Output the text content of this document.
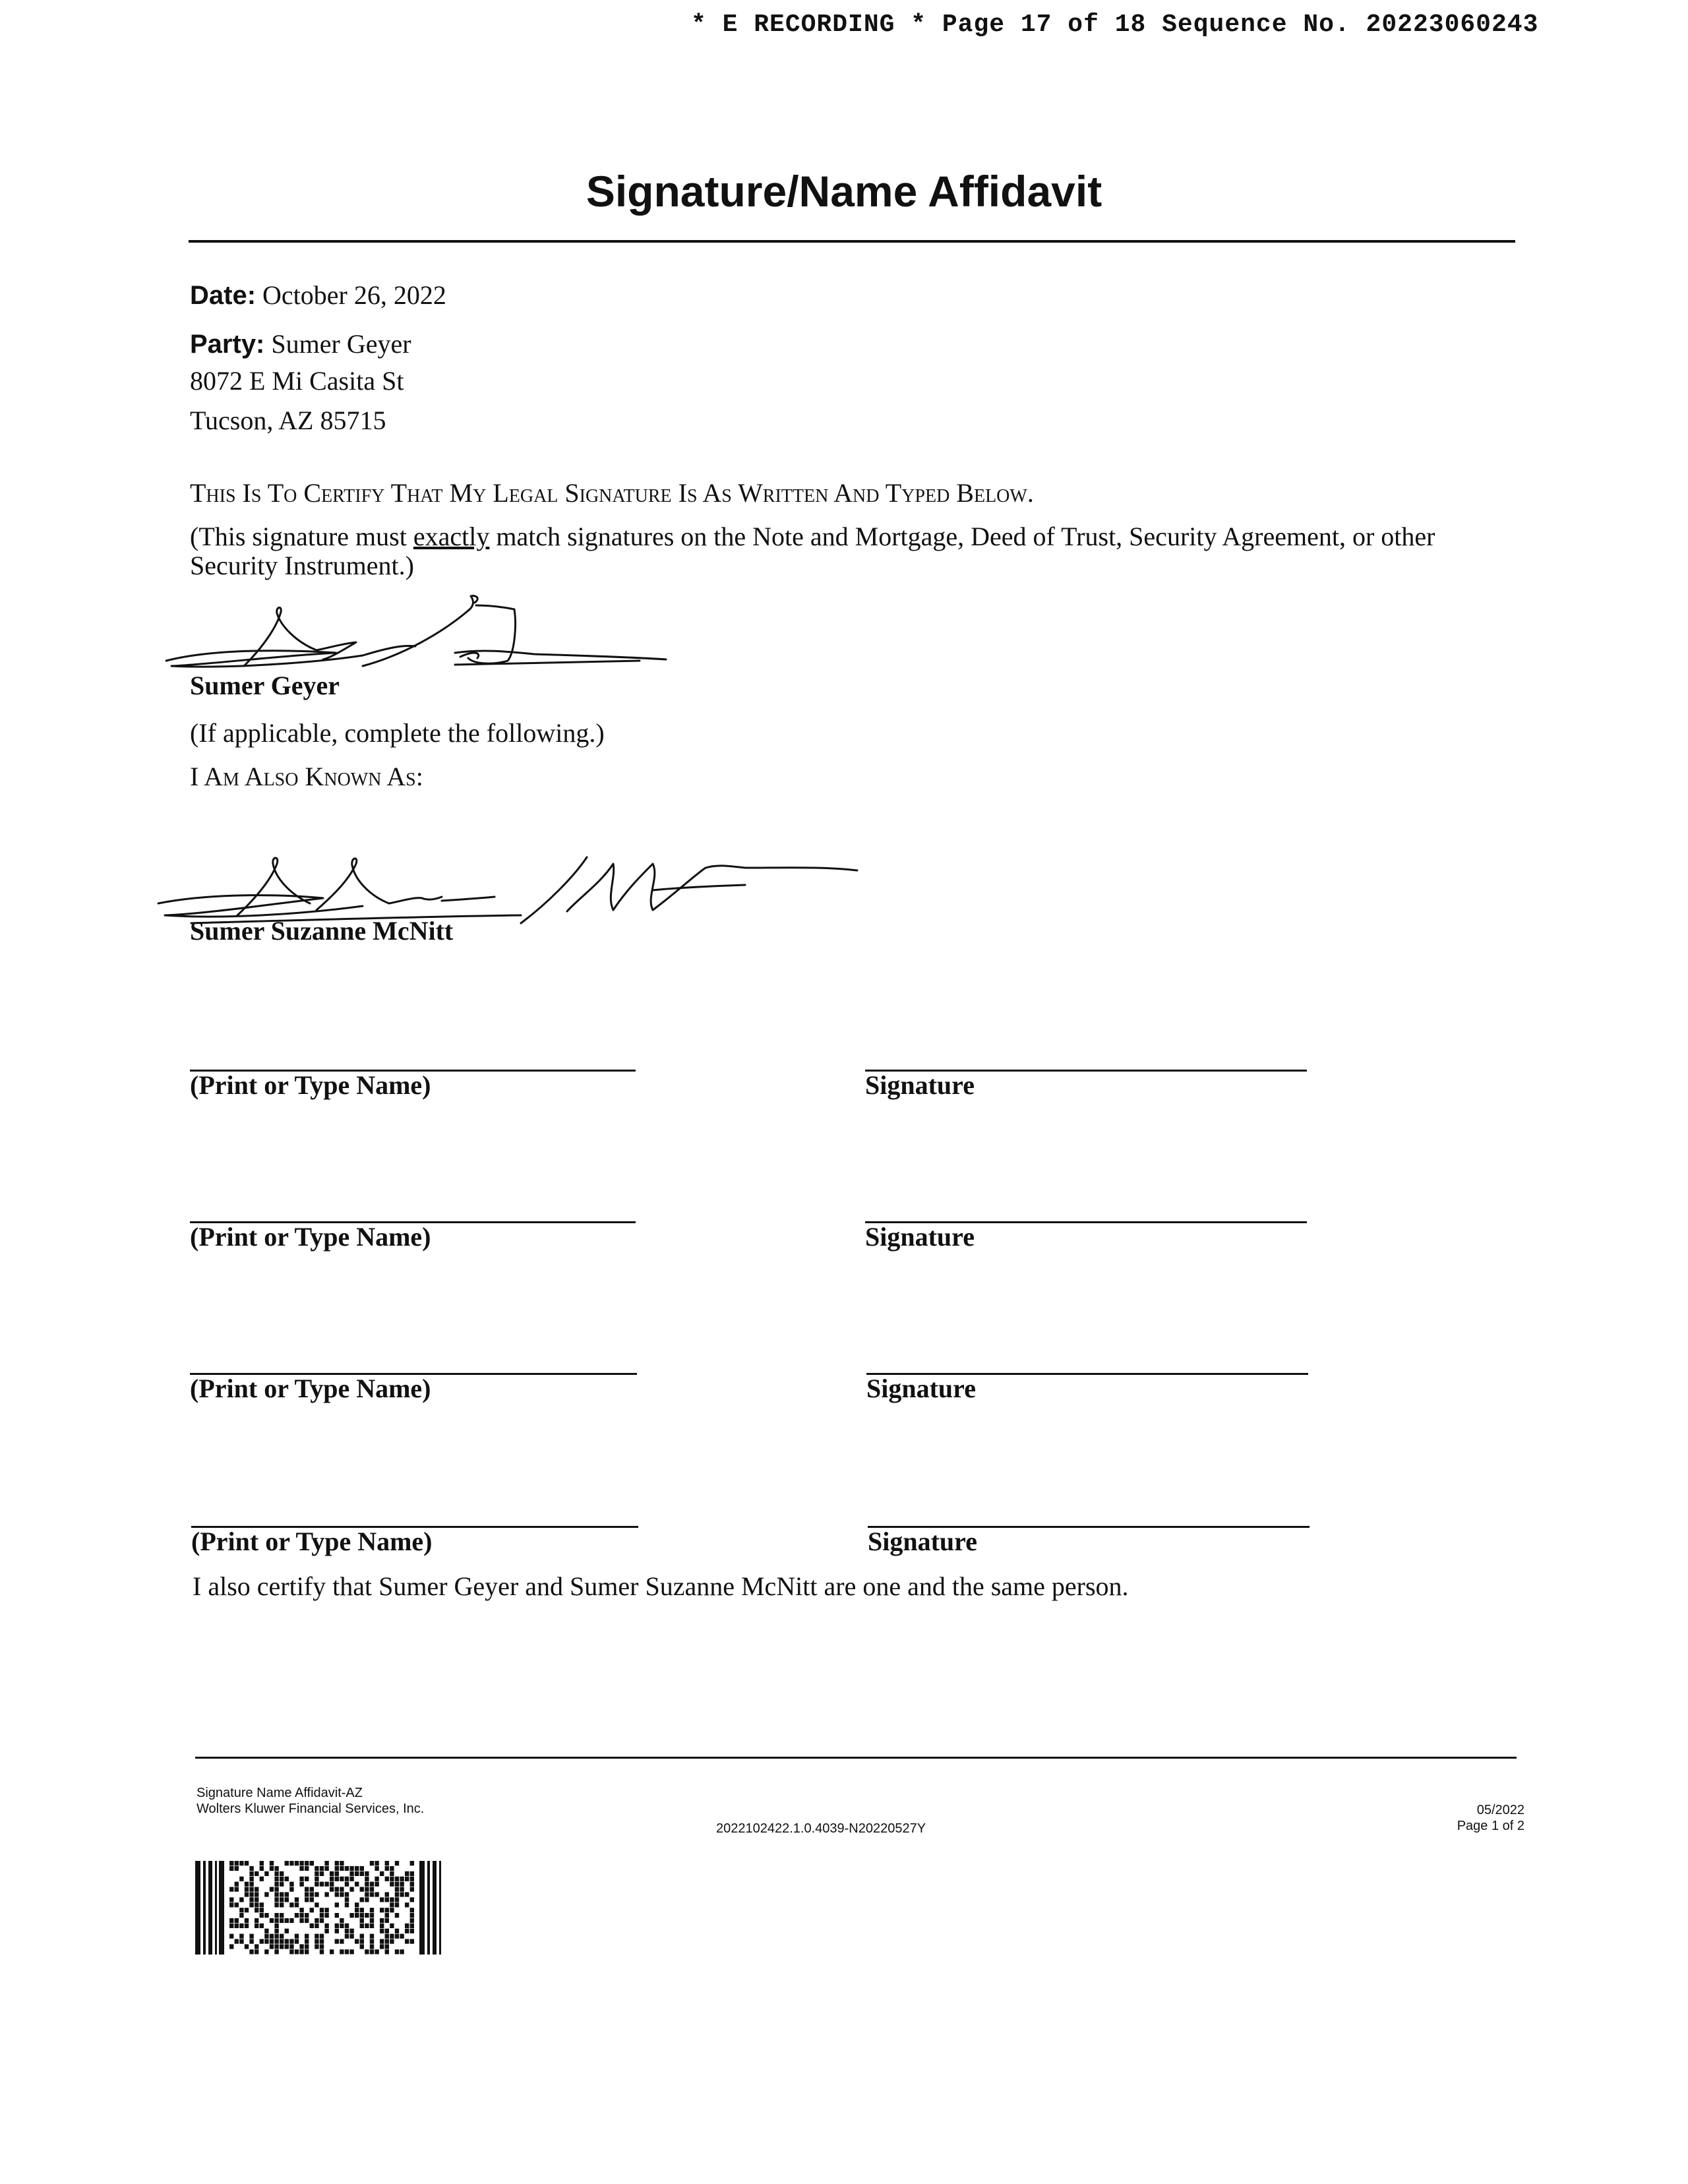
* E RECORDING * Page 17 of 18 Sequence No. 20223060243
Signature/Name Affidavit
Date: October 26, 2022
Party: Sumer Geyer
8072 E Mi Casita St
Tucson, AZ 85715
This Is To Certify That My Legal Signature Is As Written And Typed Below.
(This signature must exactly match signatures on the Note and Mortgage, Deed of Trust, Security Agreement, or other
Security Instrument.)
Sumer Geyer
(If applicable, complete the following.)
I Am Also Known As:
Sumer Suzanne McNitt
(Print or Type Name)	Signature
(Print or Type Name)	Signature
(Print or Type Name)	Signature
(Print or Type Name)	Signature
I also certify that Sumer Geyer and Sumer Suzanne McNitt are one and the same person.
Signature Name Affidavit-AZ
Wolters Kluwer Financial Services, Inc.
2022102422.1.0.4039-N20220527Y
05/2022
Page 1 of 2
